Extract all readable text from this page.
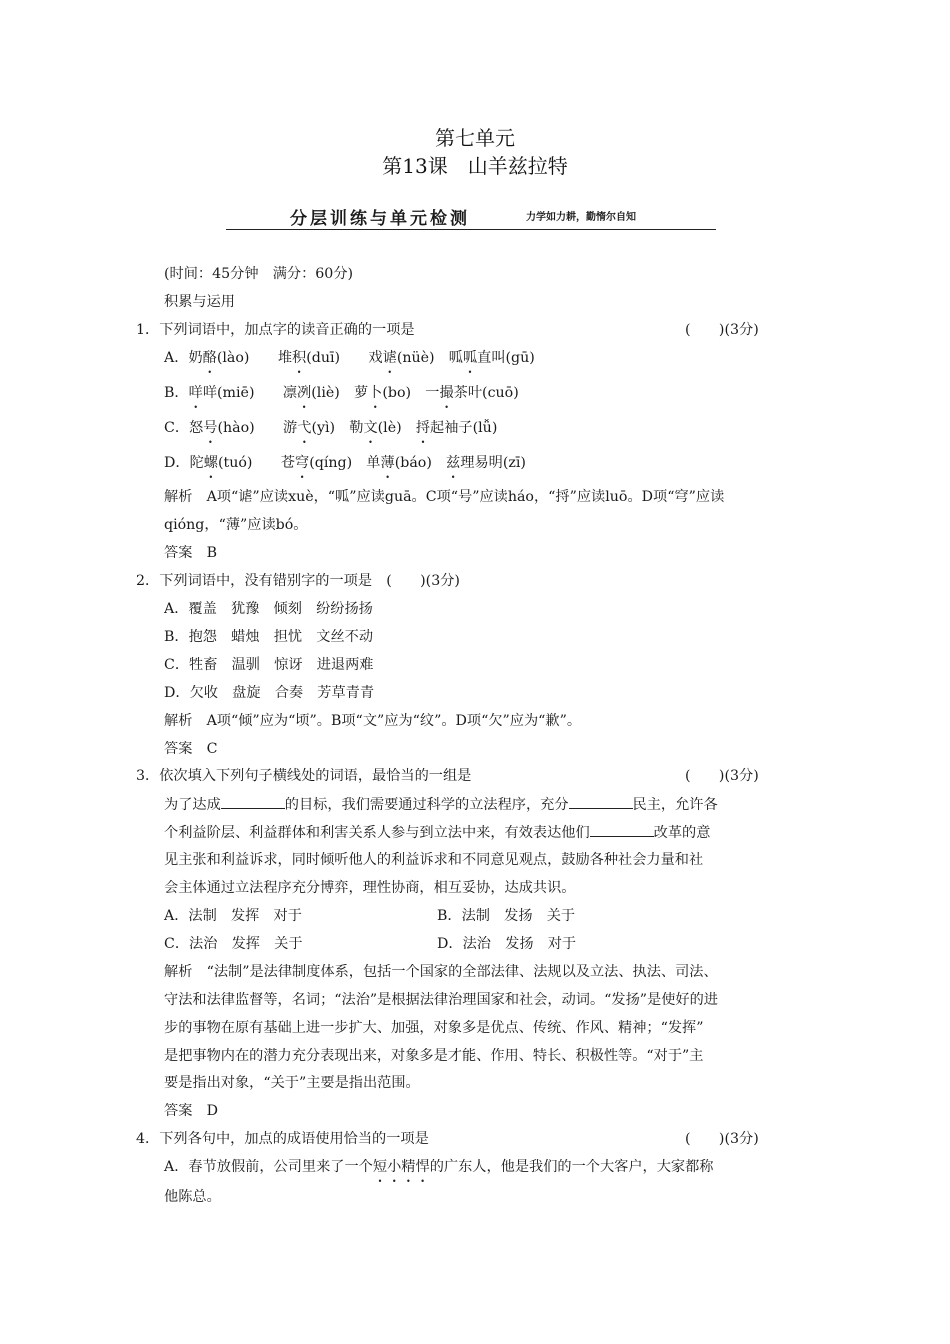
第七单元
第13课　山羊兹拉特
分层训练与单元检测	力学如力耕，勤惰尔自知
(时间：45分钟　满分：60分)
积累与运用
1．下列词语中，加点字的读音正确的一项是	(　　)(3分)
A．奶酪(lào)　　堆积(duī)　　戏谑(nüè)　呱呱直叫(gū)
B．咩咩(miē)　　凛冽(liè)　萝卜(bo)　一撮茶叶(cuō)
C．怒号(hào)　　游弋(yì)　勒文(lè)　捋起袖子(lǚ)
D．陀螺(tuó)　　苍穹(qíng)　单薄(báo)　兹理易明(zī)
解析　A项“谑”应读xuè，“呱”应读guā。C项“号”应读háo，“捋”应读luō。D项“穹”应读
qióng，“薄”应读bó。
答案　B
2．下列词语中，没有错别字的一项是　(　　)(3分)
A．覆盖　犹豫　倾刻　纷纷扬扬
B．抱怨　蜡烛　担忧　文丝不动
C．牲畜　温驯　惊讶　进退两难
D．欠收　盘旋　合奏　芳草青青
解析　A项“倾”应为“顷”。B项“文”应为“纹”。D项“欠”应为“歉”。
答案　C
3．依次填入下列句子横线处的词语，最恰当的一组是	(　　)(3分)
为了达成	的目标，我们需要通过科学的立法程序，充分	民主，允许各
个利益阶层、利益群体和利害关系人参与到立法中来，有效表达他们	改革的意
见主张和利益诉求，同时倾听他人的利益诉求和不同意见观点，鼓励各种社会力量和社
会主体通过立法程序充分博弈，理性协商，相互妥协，达成共识。
A．法制　发挥　对于	B．法制　发扬　关于
C．法治　发挥　关于	D．法治　发扬　对于
解析　“法制”是法律制度体系，包括一个国家的全部法律、法规以及立法、执法、司法、
守法和法律监督等，名词；“法治”是根据法律治理国家和社会，动词。“发扬”是使好的进
步的事物在原有基础上进一步扩大、加强，对象多是优点、传统、作风、精神；“发挥”
是把事物内在的潜力充分表现出来，对象多是才能、作用、特长、积极性等。“对于”主
要是指出对象，“关于”主要是指出范围。
答案　D
4．下列各句中，加点的成语使用恰当的一项是	(　　)(3分)
A．春节放假前，公司里来了一个短小精悍的广东人，他是我们的一个大客户，大家都称
他陈总。
